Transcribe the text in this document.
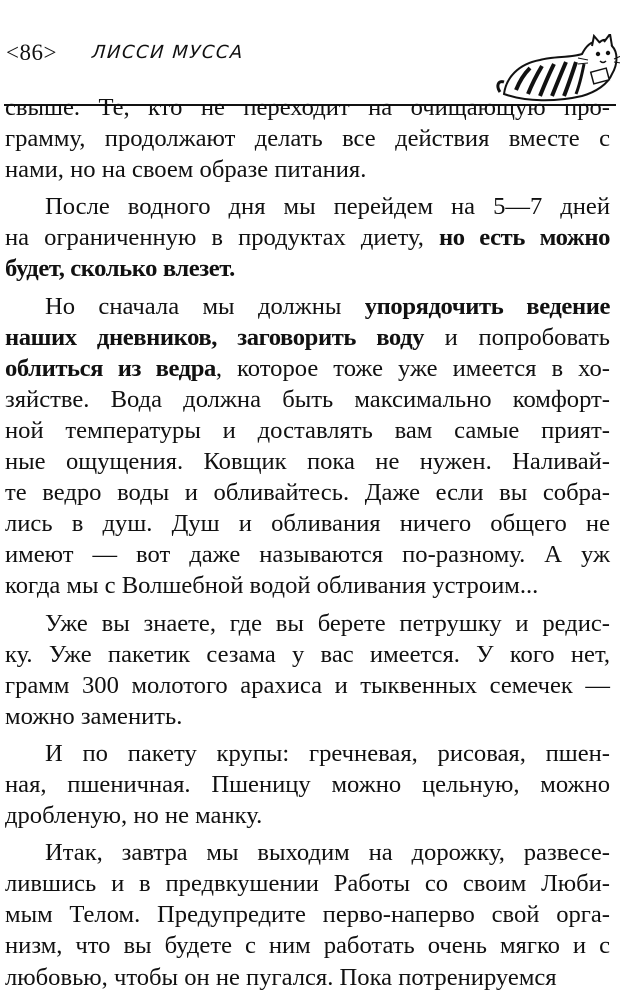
<86> ЛИССИ МУССА

свыше. Те, кто не переходит на очищающую про-
грамму, продолжают делать все действия вместе с
нами, но на своем образе питания.

После водного дня мы перейдем на 5—7 дней
на ограниченную в продуктах диету, но есть можно
будет, сколько влезет.

Но сначала мы должны упорядочить ведение
наших дневников, заговорить воду и попробовать
облиться из ведра, которое тоже уже имеется в хо-
зяйстве. Вода должна быть максимально комфорт-
ной температуры и доставлять вам самые прият-
ные ощущения. Ковщик пока не нужен. Наливай-
те ведро воды и обливайтесь. Даже если вы собра-
лись в душ. Душ и обливания ничего общего не
имеют — вот даже называются по-разному. А уж
когда мы с Волшебной водой обливания устроим...

Уже вы знаете, где вы берете петрушку и редис-
ку. Уже пакетик сезама у вас имеется. У кого нет,
грамм 300 молотого арахиса и тыквенных семечек —
можно заменить.

И по пакету крупы: гречневая, рисовая, пшен-
ная, пшеничная. Пшеницу можно цельную, можно
дробленую, но не манку.

Итак, завтра мы выходим на дорожку, развесе-
лившись и в предвкушении Работы со своим Люби-
мым Телом. Предупредите перво-наперво свой орга-
низм, что вы будете с ним работать очень мягко и с
любовью, чтобы он не пугался. Пока потренируемся
